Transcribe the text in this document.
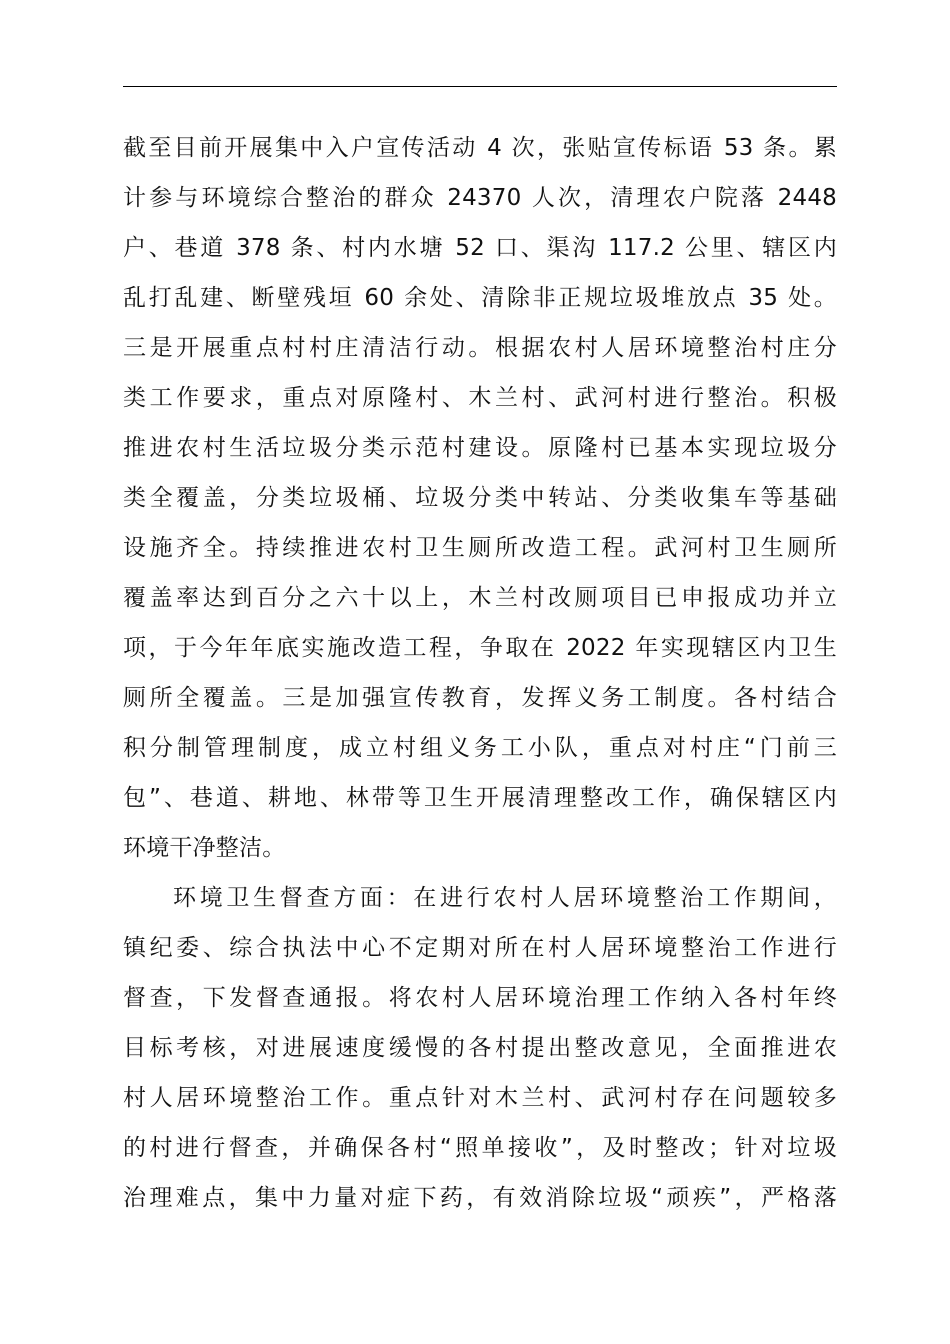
截至目前开展集中入户宣传活动 4 次，张贴宣传标语 53 条。累
计参与环境综合整治的群众 24370 人次，清理农户院落 2448
户、巷道 378 条、村内水塘 52 口、渠沟 117.2 公里、辖区内
乱打乱建、断壁残垣 60 余处、清除非正规垃圾堆放点 35 处。
三是开展重点村村庄清洁行动。根据农村人居环境整治村庄分
类工作要求，重点对原隆村、木兰村、武河村进行整治。积极
推进农村生活垃圾分类示范村建设。原隆村已基本实现垃圾分
类全覆盖，分类垃圾桶、垃圾分类中转站、分类收集车等基础
设施齐全。持续推进农村卫生厕所改造工程。武河村卫生厕所
覆盖率达到百分之六十以上，木兰村改厕项目已申报成功并立
项，于今年年底实施改造工程，争取在 2022 年实现辖区内卫生
厕所全覆盖。三是加强宣传教育，发挥义务工制度。各村结合
积分制管理制度，成立村组义务工小队，重点对村庄“门前三
包”、巷道、耕地、林带等卫生开展清理整改工作，确保辖区内
环境干净整洁。
环境卫生督查方面：在进行农村人居环境整治工作期间，
镇纪委、综合执法中心不定期对所在村人居环境整治工作进行
督查，下发督查通报。将农村人居环境治理工作纳入各村年终
目标考核，对进展速度缓慢的各村提出整改意见，全面推进农
村人居环境整治工作。重点针对木兰村、武河村存在问题较多
的村进行督查，并确保各村“照单接收”，及时整改；针对垃圾
治理难点，集中力量对症下药，有效消除垃圾“顽疾”，严格落
